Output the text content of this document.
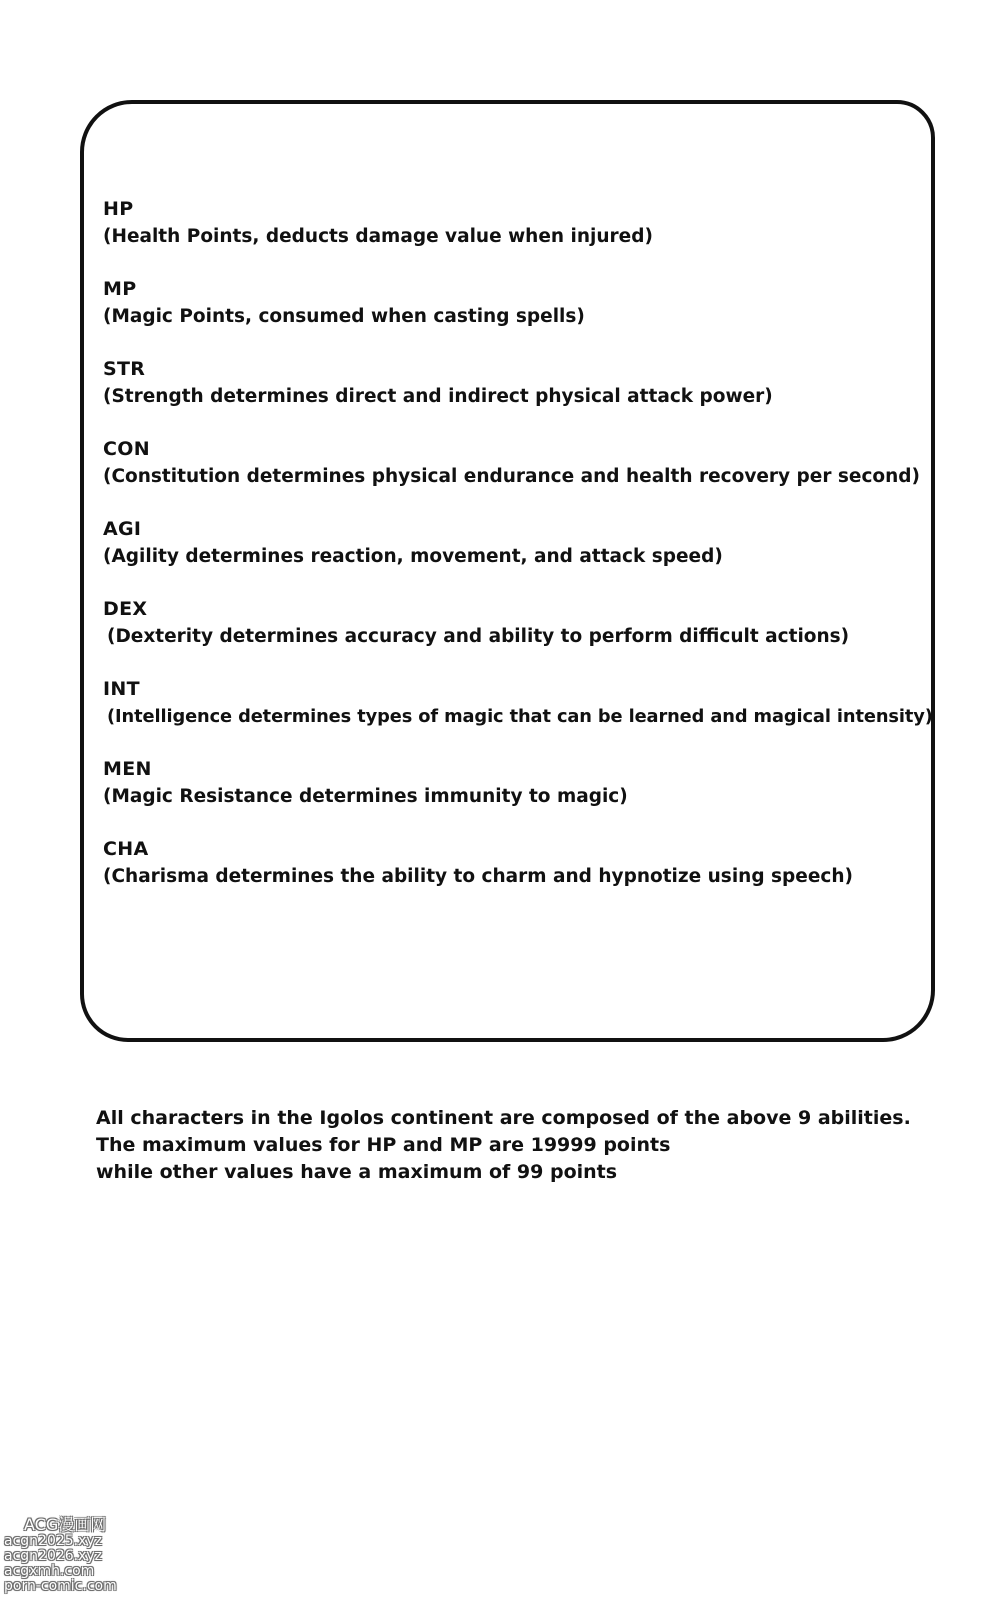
HP
(Health Points, deducts damage value when injured)
MP
(Magic Points, consumed when casting spells)
STR
(Strength determines direct and indirect physical attack power)
CON
(Constitution determines physical endurance and health recovery per second)
AGI
(Agility determines reaction, movement, and attack speed)
DEX
(Dexterity determines accuracy and ability to perform difficult actions)
INT
(Intelligence determines types of magic that can be learned and magical intensity)
MEN
(Magic Resistance determines immunity to magic)
CHA
(Charisma determines the ability to charm and hypnotize using speech)
All characters in the Igolos continent are composed of the above 9 abilities.
The maximum values for HP and MP are 19999 points
while other values have a maximum of 99 points
ACG漫画网
acgn2025.xyz
acgn2026.xyz
acgxmh.com
porn-comic.com
